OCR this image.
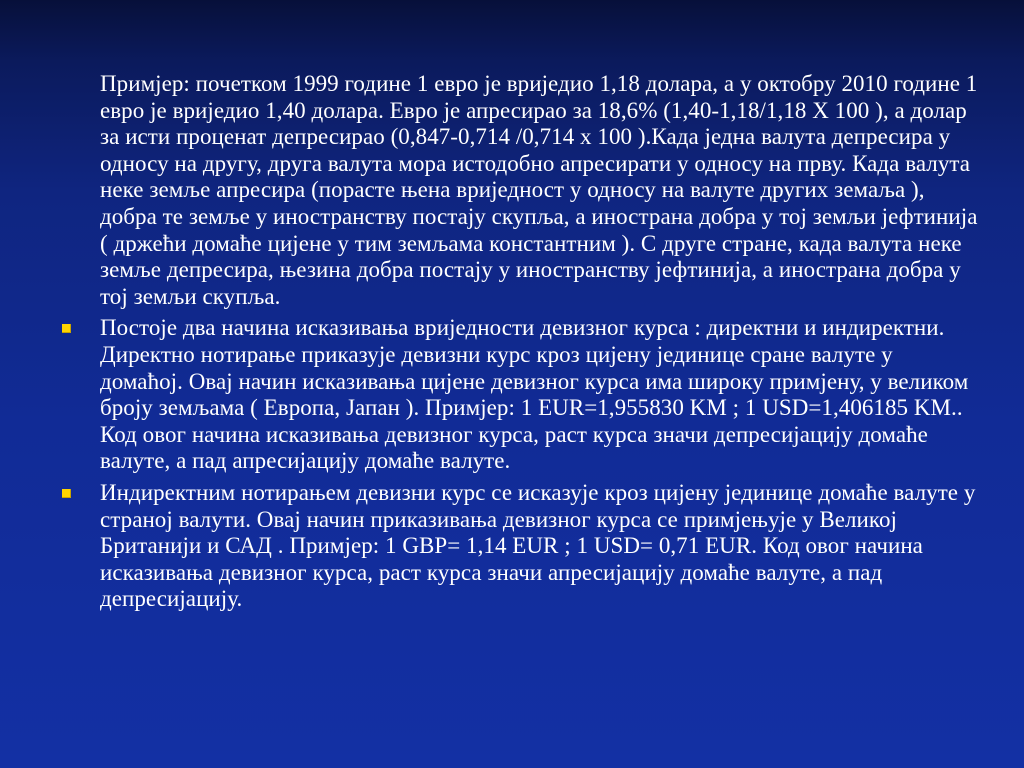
Примјер: почетком 1999 године 1 евро је вриједио 1,18 долара, а у октобру 2010 године 1 евро је вриједио 1,40 долара. Евро је апресирао за 18,6% (1,40-1,18/1,18 X 100 ), а долар за исти проценат депресирао (0,847-0,714 /0,714 x 100 ).Када једна валута депресира у односу на другу, друга валута мора истодобно апресирати у односу на прву. Када валута неке земље апресира (порасте њена вриједност у односу на валуте других земаља ), добра те земље у иностранству постају скупља, а иностранa добра у тој земљи јефтинија ( држећи домаће цијене у тим земљама константним ). С друге стране, када валута неке земље депресира, њезина добра постају у иностранству јефтинија, а иностранa добра у тој земљи скупља.

Постоје два начина исказивања вриједности девизног курса : директни и индиректни. Директно нотирање приказује девизни курс кроз цијену јединице сране валуте у домаћој. Овај начин исказивања цијене девизног курса има широку примјену, у великом броју земљама ( Европа, Јапан ). Примјер: 1 EUR=1,955830 KM ; 1 USD=1,406185 KM.. Код овог начина исказивања девизног курса, раст курса значи депресијацију домаће валуте, а пад апресијацију домаће валуте.

Индиректним нотирањем девизни курс се исказује кроз цијену јединице домаће валуте у страној валути. Овај начин приказивања девизног курса се примјењује у Великој Британији и САД . Примјер: 1 GBP= 1,14 EUR ; 1 USD= 0,71 EUR. Код овог начина исказивања девизног курса, раст курса значи апресијацију домаће валуте, а пад депресијацију.
